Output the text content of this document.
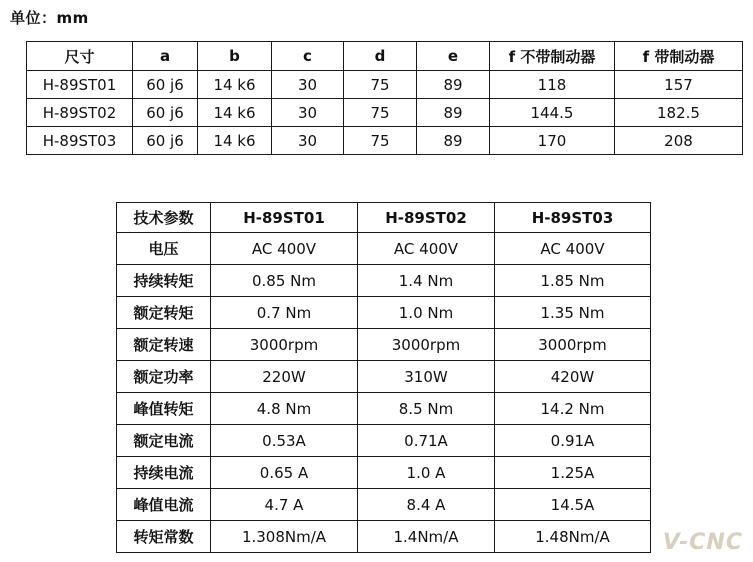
单位：mm
尺寸	a	b	c	d	e	f 不带制动器	f 带制动器
H-89ST01	60 j6	14 k6	30	75	89	118	157
H-89ST02	60 j6	14 k6	30	75	89	144.5	182.5
H-89ST03	60 j6	14 k6	30	75	89	170	208
技术参数	H-89ST01	H-89ST02	H-89ST03
电压	AC 400V	AC 400V	AC 400V
持续转矩	0.85 Nm	1.4 Nm	1.85 Nm
额定转矩	0.7 Nm	1.0 Nm	1.35 Nm
额定转速	3000rpm	3000rpm	3000rpm
额定功率	220W	310W	420W
峰值转矩	4.8 Nm	8.5 Nm	14.2 Nm
额定电流	0.53A	0.71A	0.91A
持续电流	0.65 A	1.0 A	1.25A
峰值电流	4.7 A	8.4 A	14.5A
转矩常数	1.308Nm/A	1.4Nm/A	1.48Nm/A V-CNC
